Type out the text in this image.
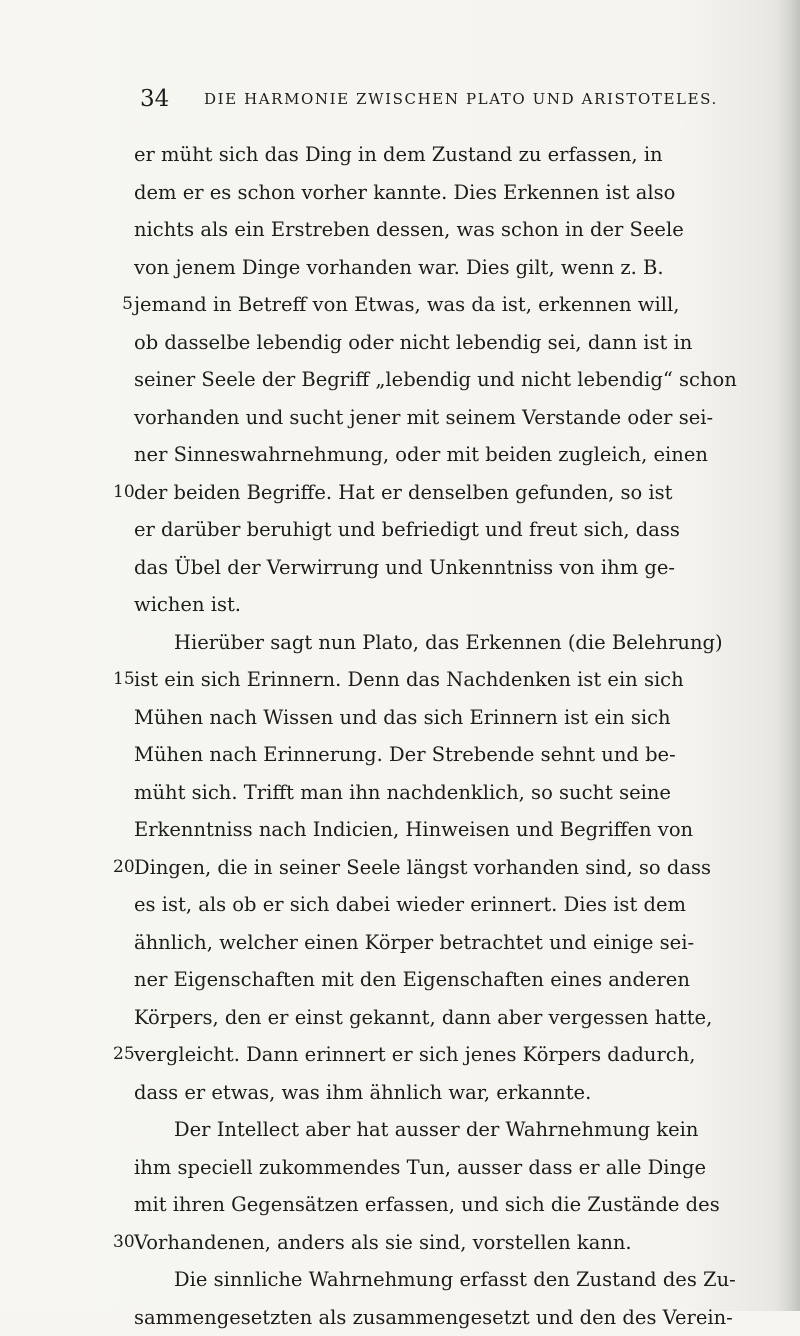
34 DIE HARMONIE ZWISCHEN PLATO UND ARISTOTELES.
er müht sich das Ding in dem Zustand zu erfassen, in
dem er es schon vorher kannte. Dies Erkennen ist also
nichts als ein Erstreben dessen, was schon in der Seele
von jenem Dinge vorhanden war. Dies gilt, wenn z. B.
5 jemand in Betreff von Etwas, was da ist, erkennen will,
ob dasselbe lebendig oder nicht lebendig sei, dann ist in
seiner Seele der Begriff „lebendig und nicht lebendig“ schon
vorhanden und sucht jener mit seinem Verstande oder sei-
ner Sinneswahrnehmung, oder mit beiden zugleich, einen
10 der beiden Begriffe. Hat er denselben gefunden, so ist
er darüber beruhigt und befriedigt und freut sich, dass
das Übel der Verwirrung und Unkenntniss von ihm ge-
wichen ist.
Hierüber sagt nun Plato, das Erkennen (die Belehrung)
15 ist ein sich Erinnern. Denn das Nachdenken ist ein sich
Mühen nach Wissen und das sich Erinnern ist ein sich
Mühen nach Erinnerung. Der Strebende sehnt und be-
müht sich. Trifft man ihn nachdenklich, so sucht seine
Erkenntniss nach Indicien, Hinweisen und Begriffen von
20 Dingen, die in seiner Seele längst vorhanden sind, so dass
es ist, als ob er sich dabei wieder erinnert. Dies ist dem
ähnlich, welcher einen Körper betrachtet und einige sei-
ner Eigenschaften mit den Eigenschaften eines anderen
Körpers, den er einst gekannt, dann aber vergessen hatte,
25 vergleicht. Dann erinnert er sich jenes Körpers dadurch,
dass er etwas, was ihm ähnlich war, erkannte.
Der Intellect aber hat ausser der Wahrnehmung kein
ihm speciell zukommendes Tun, ausser dass er alle Dinge
mit ihren Gegensätzen erfassen, und sich die Zustände des
30 Vorhandenen, anders als sie sind, vorstellen kann.
Die sinnliche Wahrnehmung erfasst den Zustand des Zu-
sammengesetzten als zusammengesetzt und den des Verein-
